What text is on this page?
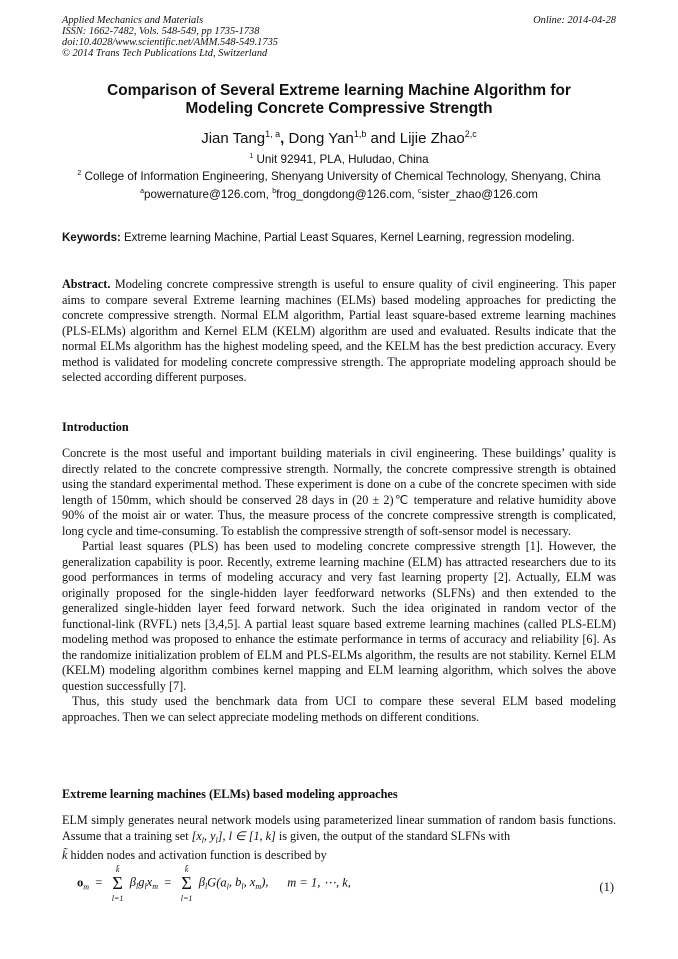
Applied Mechanics and Materials
ISSN: 1662-7482, Vols. 548-549, pp 1735-1738
doi:10.4028/www.scientific.net/AMM.548-549.1735
© 2014 Trans Tech Publications Ltd, Switzerland
Online: 2014-04-28
Comparison of Several Extreme learning Machine Algorithm for
Modeling Concrete Compressive Strength
Jian Tang$^{1, a}$, Dong Yan$^{1,b}$ and Lijie Zhao$^{2,c}$
$^1$ Unit 92941, PLA, Huludao, China
$^2$ College of Information Engineering, Shenyang University of Chemical Technology, Shenyang, China
$^a$powernature@126.com, $^b$frog_dongdong@126.com, $^c$sister_zhao@126.com
Keywords: Extreme learning Machine, Partial Least Squares, Kernel Learning, regression modeling.
Abstract. Modeling concrete compressive strength is useful to ensure quality of civil engineering. This paper aims to compare several Extreme learning machines (ELMs) based modeling approaches for predicting the concrete compressive strength. Normal ELM algorithm, Partial least square-based extreme learning machines (PLS-ELMs) algorithm and Kernel ELM (KELM) algorithm are used and evaluated. Results indicate that the normal ELMs algorithm has the highest modeling speed, and the KELM has the best prediction accuracy. Every method is validated for modeling concrete compressive strength. The appropriate modeling approach should be selected according different purposes.
Introduction

Concrete is the most useful and important building materials in civil engineering. These buildings’ quality is directly related to the concrete compressive strength. Normally, the concrete compressive strength is obtained using the standard experimental method. These experiment is done on a cube of the concrete specimen with side length of 150mm, which should be conserved 28 days in (20 ± 2)℃ temperature and relative humidity above 90% of the moist air or water. Thus, the measure process of the concrete compressive strength is complicated, long cycle and time-consuming. To establish the compressive strength of soft-sensor model is necessary.

Partial least squares (PLS) has been used to modeling concrete compressive strength [1]. However, the generalization capability is poor. Recently, extreme learning machine (ELM) has attracted researchers due to its good performances in terms of modeling accuracy and very fast learning property [2]. Actually, ELM was originally proposed for the single-hidden layer feedforward networks (SLFNs) and then extended to the generalized single-hidden layer feed forward network. Such the idea originated in random vector of the functional-link (RVFL) nets [3,4,5]. A partial least square based extreme learning machines (called PLS-ELM) modeling method was proposed to enhance the estimate performance in terms of accuracy and reliability [6]. As the randomize initialization problem of ELM and PLS-ELMs algorithm, the results are not stability. Kernel ELM (KELM) modeling algorithm combines kernel mapping and ELM learning algorithm, which solves the above question successfully [7].

Thus, this study used the benchmark data from UCI to compare these several ELM based modeling approaches. Then we can select appreciate modeling methods on different conditions.

Extreme learning machines (ELMs) based modeling approaches

ELM simply generates neural network models using parameterized linear summation of random basis functions. Assume that a training set [$x_l$, $y_l$], l ∈ [1, k] is given, the output of the standard SLFNs with

k̃ hidden nodes and activation function is described by

$o_m$  =
k̃
Σ
l=1
$\beta_lg_lx_m$  =
k̃
Σ
l=1
$\beta_lG(a_l$, $b_l$, $x_m$), m = 1, ⋯, k,	(1)
